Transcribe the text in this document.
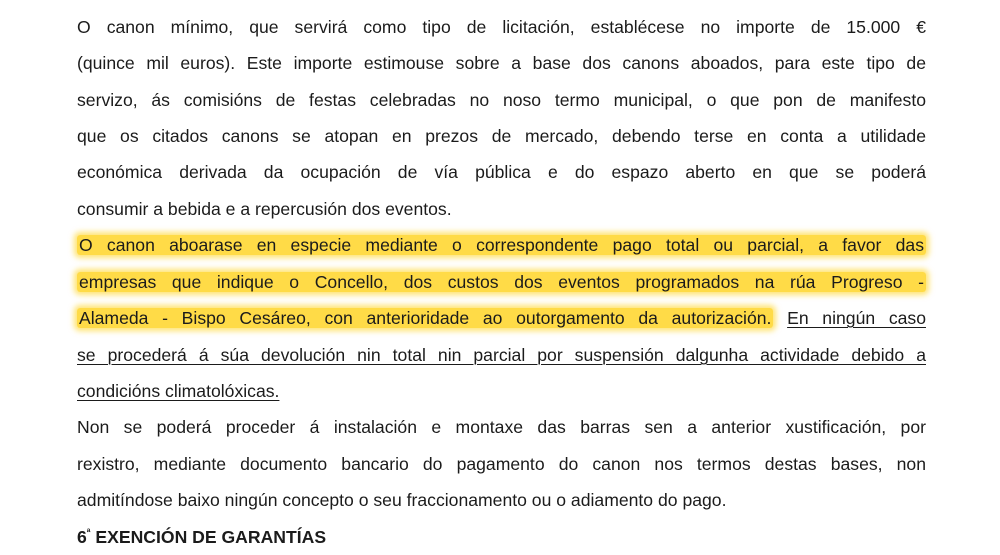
O canon mínimo, que servirá como tipo de licitación, establécese no importe de 15.000 €
(quince mil euros). Este importe estimouse sobre a base dos canons aboados, para este tipo de
servizo, ás comisións de festas celebradas no noso termo municipal, o que pon de manifesto
que os citados canons se atopan en prezos de mercado, debendo terse en conta a utilidade
económica derivada da ocupación de vía pública e do espazo aberto en que se poderá
consumir a bebida e a repercusión dos eventos.
O canon aboarase en especie mediante o correspondente pago total ou parcial, a favor das
empresas que indique o Concello, dos custos dos eventos programados na rúa Progreso -
Alameda - Bispo Cesáreo, con anterioridade ao outorgamento da autorización. En ningún caso
se procederá á súa devolución nin total nin parcial por suspensión dalgunha actividade debido a
condicións climatolóxicas.
Non se poderá proceder á instalación e montaxe das barras sen a anterior xustificación, por
rexistro, mediante documento bancario do pagamento do canon nos termos destas bases, non
admitíndose baixo ningún concepto o seu fraccionamento ou o adiamento do pago.
$6^ª$ EXENCIÓN DE GARANTÍAS
